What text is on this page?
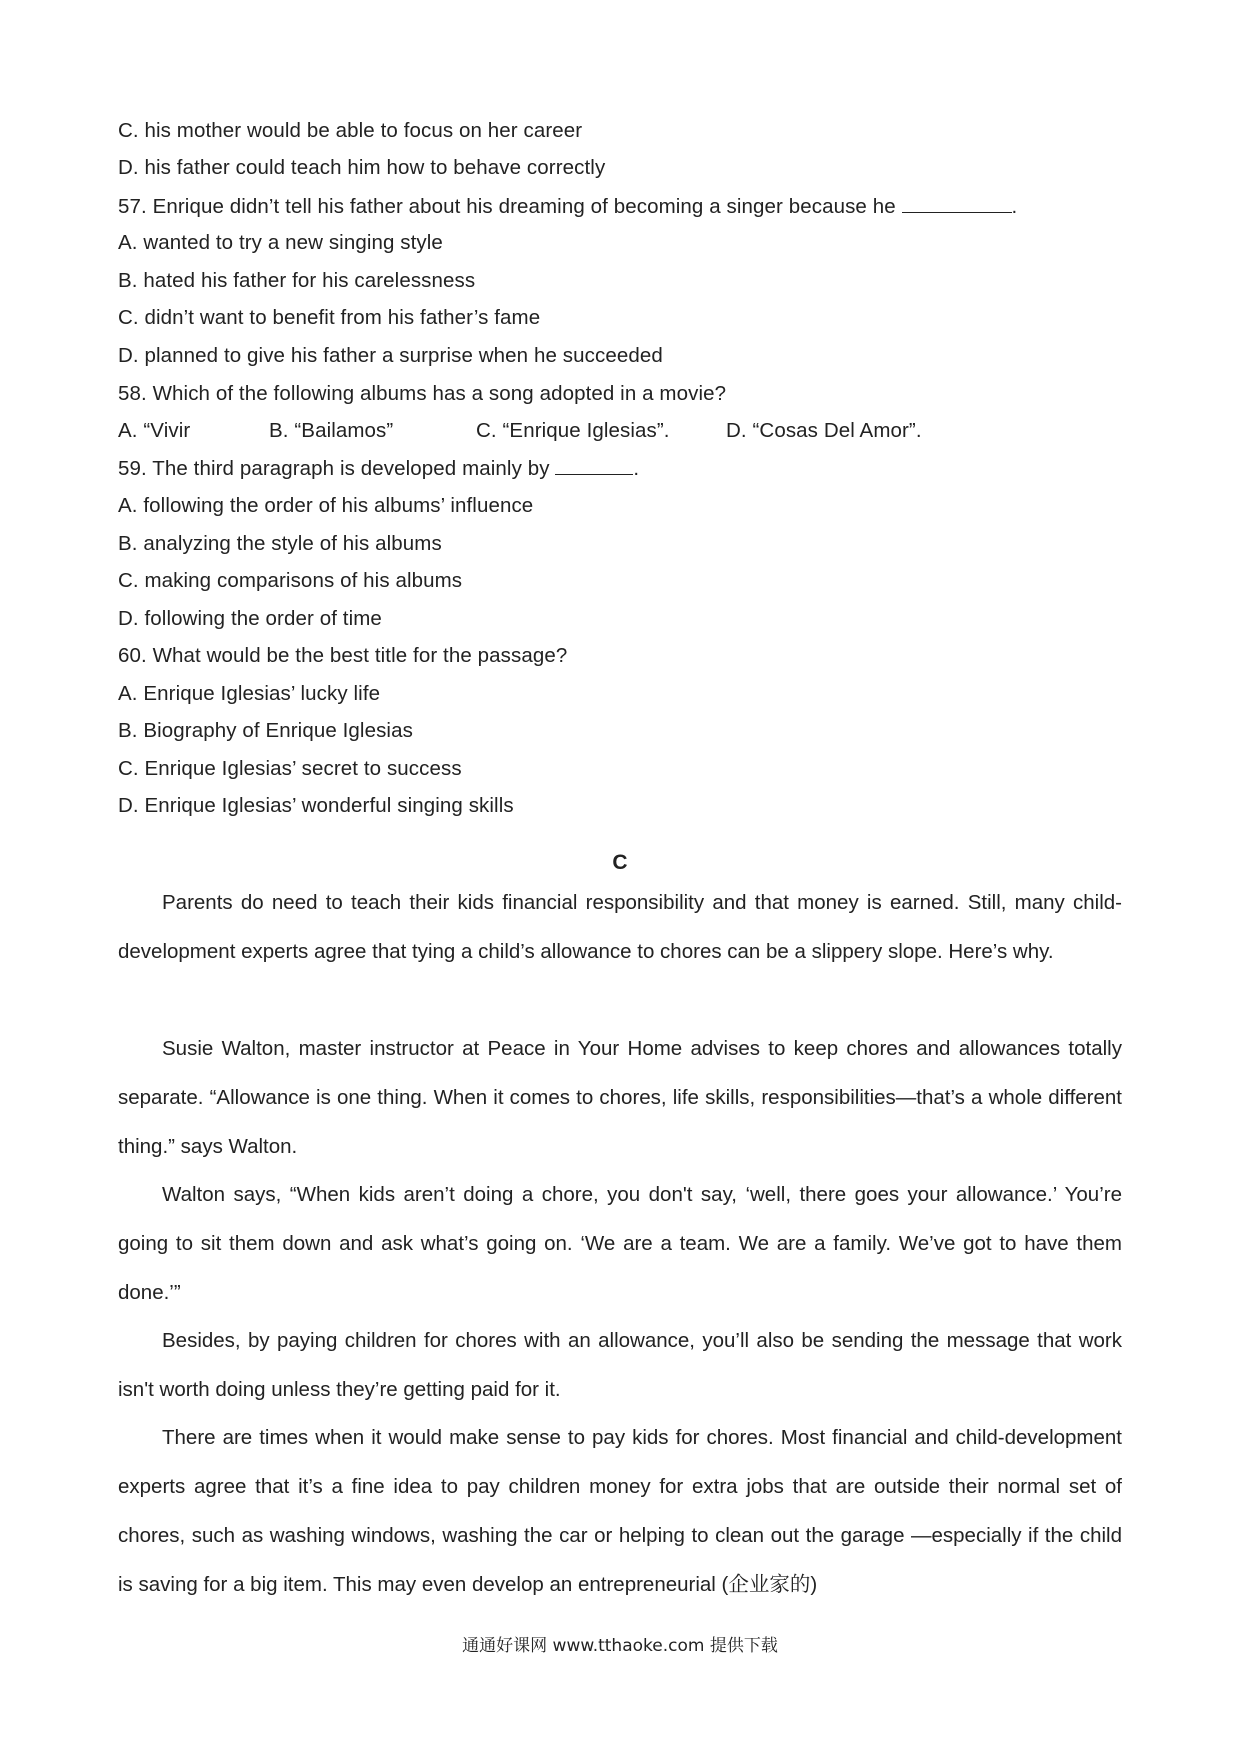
C. his mother would be able to focus on her career
D. his father could teach him how to behave correctly
57. Enrique didn’t tell his father about his dreaming of becoming a singer because he	.
A. wanted to try a new singing style
B. hated his father for his carelessness
C. didn’t want to benefit from his father’s fame
D. planned to give his father a surprise when he succeeded
58. Which of the following albums has a song adopted in a movie?
A. “Vivir	B. “Bailamos”	C. “Enrique Iglesias”.	D. “Cosas Del Amor”.
59. The third paragraph is developed mainly by	.
A. following the order of his albums’ influence
B. analyzing the style of his albums
C. making comparisons of his albums
D. following the order of time
60. What would be the best title for the passage?
A. Enrique Iglesias’ lucky life
B. Biography of Enrique Iglesias
C. Enrique Iglesias’ secret to success
D. Enrique Iglesias’ wonderful singing skills
C

Parents do need to teach their kids financial responsibility and that money is earned. Still, many child-development experts agree that tying a child’s allowance to chores can be a slippery slope. Here’s why.

Susie Walton, master instructor at Peace in Your Home advises to keep chores and allowances totally separate. “Allowance is one thing. When it comes to chores, life skills, responsibilities—that’s a whole different thing.” says Walton.

Walton says, “When kids aren’t doing a chore, you don't say, ‘well, there goes your allowance.’ You’re going to sit them down and ask what’s going on. ‘We are a team. We are a family. We’ve got to have them done.’”

Besides, by paying children for chores with an allowance, you’ll also be sending the message that work isn't worth doing unless they’re getting paid for it.

There are times when it would make sense to pay kids for chores. Most financial and child-development experts agree that it’s a fine idea to pay children money for extra jobs that are outside their normal set of chores, such as washing windows, washing the car or helping to clean out the garage —especially if the child is saving for a big item. This may even develop an entrepreneurial (企业家的)

通通好课网 www.tthaoke.com 提供下载
